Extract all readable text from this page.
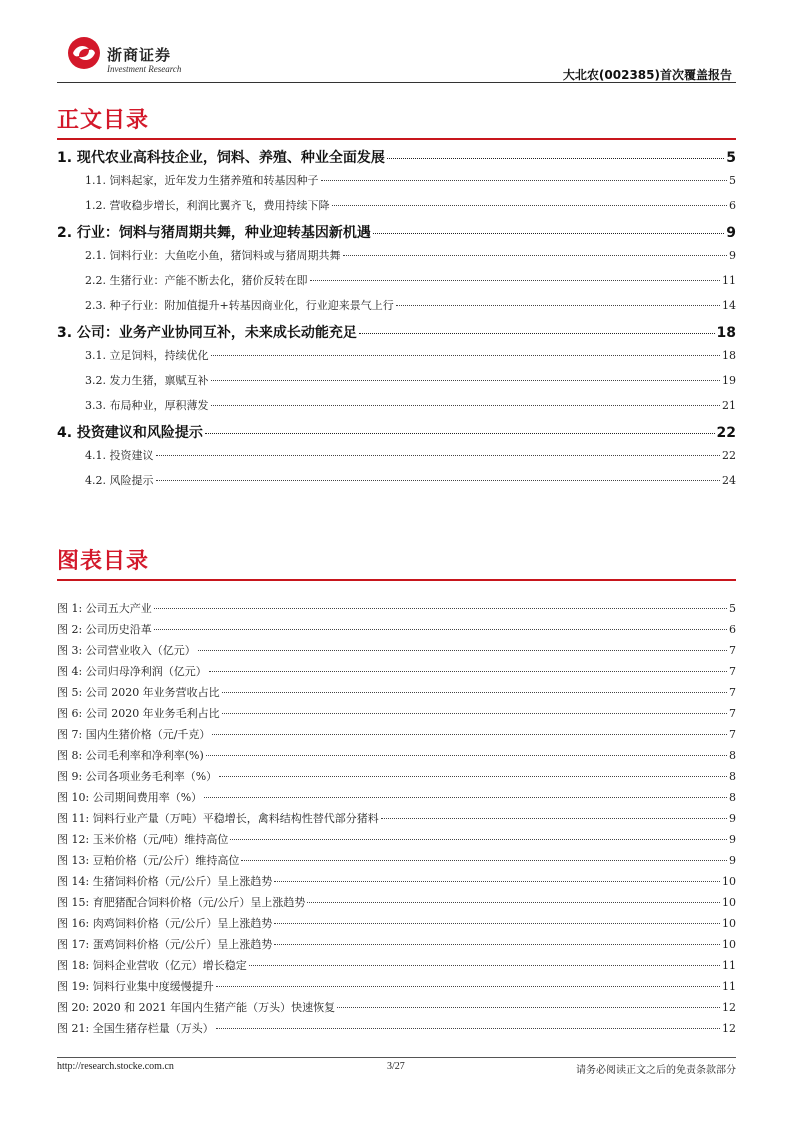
浙商证券
Investment Research	大北农(002385)首次覆盖报告
正文目录
1. 现代农业高科技企业，饲料、养殖、种业全面发展	5
1.1. 饲料起家，近年发力生猪养殖和转基因种子	5
1.2. 营收稳步增长，利润比翼齐飞，费用持续下降	6
2. 行业：饲料与猪周期共舞，种业迎转基因新机遇	9
2.1. 饲料行业：大鱼吃小鱼，猪饲料或与猪周期共舞	9
2.2. 生猪行业：产能不断去化，猪价反转在即	11
2.3. 种子行业：附加值提升+转基因商业化，行业迎来景气上行	14
3. 公司：业务产业协同互补，未来成长动能充足	18
3.1. 立足饲料，持续优化	18
3.2. 发力生猪，禀赋互补	19
3.3. 布局种业，厚积薄发	21
4. 投资建议和风险提示	22
4.1. 投资建议	22
4.2. 风险提示	24
图表目录
图 1: 公司五大产业	5
图 2: 公司历史沿革	6
图 3: 公司营业收入（亿元）	7
图 4: 公司归母净利润（亿元）	7
图 5: 公司 2020 年业务营收占比	7
图 6: 公司 2020 年业务毛利占比	7
图 7: 国内生猪价格（元/千克）	7
图 8: 公司毛利率和净利率(%)	8
图 9: 公司各项业务毛利率（%）	8
图 10: 公司期间费用率（%）	8
图 11: 饲料行业产量（万吨）平稳增长，禽料结构性替代部分猪料	9
图 12: 玉米价格（元/吨）维持高位	9
图 13: 豆粕价格（元/公斤）维持高位	9
图 14: 生猪饲料价格（元/公斤）呈上涨趋势	10
图 15: 育肥猪配合饲料价格（元/公斤）呈上涨趋势	10
图 16: 肉鸡饲料价格（元/公斤）呈上涨趋势	10
图 17: 蛋鸡饲料价格（元/公斤）呈上涨趋势	10
图 18: 饲料企业营收（亿元）增长稳定	11
图 19: 饲料行业集中度缓慢提升	11
图 20: 2020 和 2021 年国内生猪产能（万头）快速恢复	12
图 21: 全国生猪存栏量（万头）	12
http://research.stocke.com.cn	3/27	请务必阅读正文之后的免责条款部分
